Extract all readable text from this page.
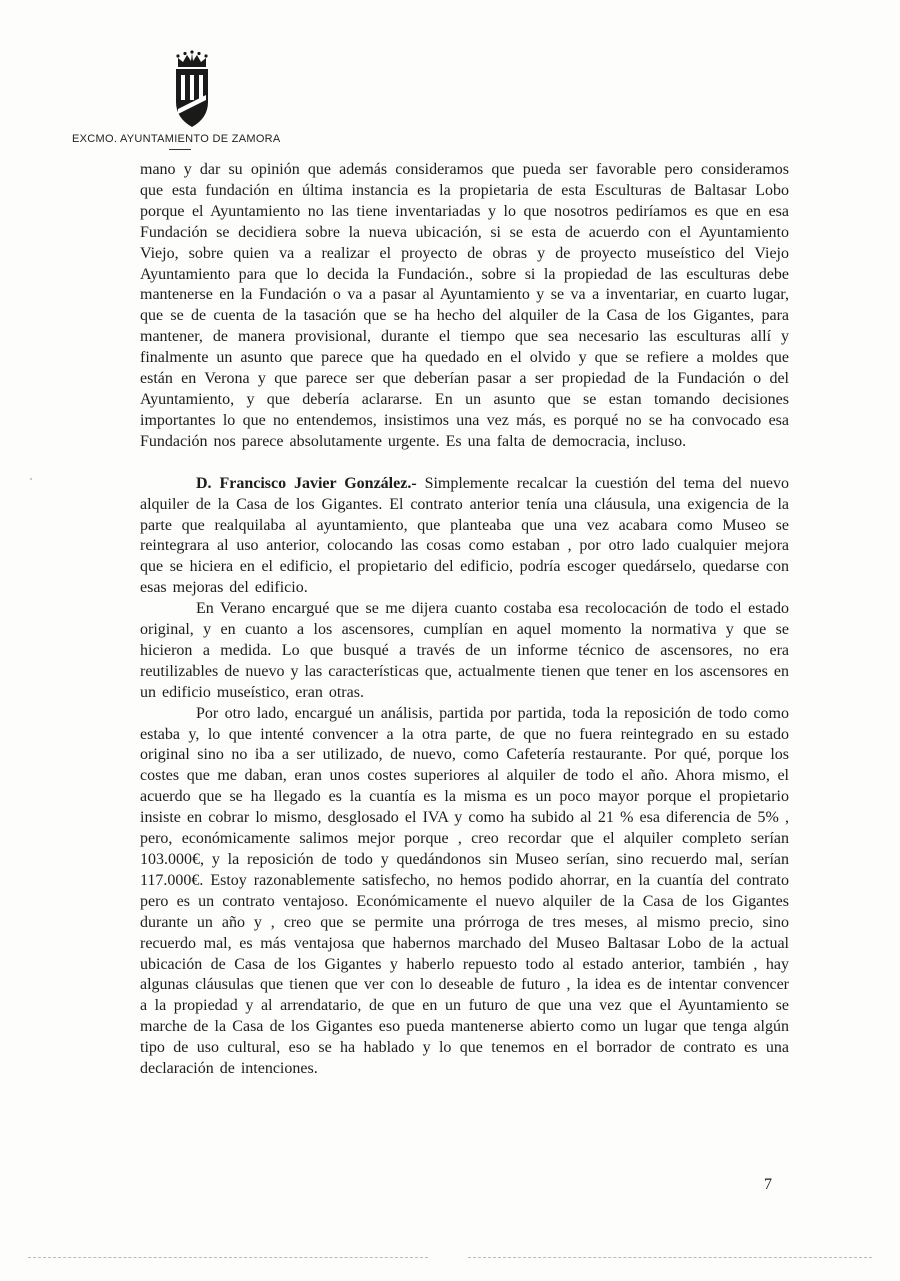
EXCMO. AYUNTAMIENTO DE ZAMORA

mano y dar su opinión que además consideramos que pueda ser favorable pero consideramos que esta fundación en última instancia es la propietaria de esta Esculturas de Baltasar Lobo porque el Ayuntamiento no las tiene inventariadas y lo que nosotros pediríamos es que en esa Fundación se decidiera sobre la nueva ubicación, si se esta de acuerdo con el Ayuntamiento Viejo, sobre quien va a realizar el proyecto de obras y de proyecto museístico del Viejo Ayuntamiento para que lo decida la Fundación., sobre si la propiedad de las esculturas debe mantenerse en la Fundación o va a pasar al Ayuntamiento y se va a inventariar, en cuarto lugar, que se de cuenta de la tasación que se ha hecho del alquiler de la Casa de los Gigantes, para mantener, de manera provisional, durante el tiempo que sea necesario las esculturas allí y finalmente un asunto que parece que ha quedado en el olvido y que se refiere a moldes que están en Verona y que parece ser que deberían pasar a ser propiedad de la Fundación o del Ayuntamiento, y que debería aclararse. En un asunto que se estan tomando decisiones importantes lo que no entendemos, insistimos una vez más, es porqué no se ha convocado esa Fundación nos parece absolutamente urgente. Es una falta de democracia, incluso.

D. Francisco Javier González.- Simplemente recalcar la cuestión del tema del nuevo alquiler de la Casa de los Gigantes. El contrato anterior tenía una cláusula, una exigencia de la parte que realquilaba al ayuntamiento, que planteaba que una vez acabara como Museo se reintegrara al uso anterior, colocando las cosas como estaban , por otro lado cualquier mejora que se hiciera en el edificio, el propietario del edificio, podría escoger quedárselo, quedarse con esas mejoras del edificio.

En Verano encargué que se me dijera cuanto costaba esa recolocación de todo el estado original, y en cuanto a los ascensores, cumplían en aquel momento la normativa y que se hicieron a medida. Lo que busqué a través de un informe técnico de ascensores, no era reutilizables de nuevo y las características que, actualmente tienen que tener en los ascensores en un edificio museístico, eran otras.

Por otro lado, encargué un análisis, partida por partida, toda la reposición de todo como estaba y, lo que intenté convencer a la otra parte, de que no fuera reintegrado en su estado original sino no iba a ser utilizado, de nuevo, como Cafetería restaurante. Por qué, porque los costes que me daban, eran unos costes superiores al alquiler de todo el año. Ahora mismo, el acuerdo que se ha llegado es la cuantía es la misma es un poco mayor porque el propietario insiste en cobrar lo mismo, desglosado el IVA y como ha subido al 21 % esa diferencia de 5% , pero, económicamente salimos mejor porque , creo recordar que el alquiler completo serían 103.000€, y la reposición de todo y quedándonos sin Museo serían, sino recuerdo mal, serían 117.000€. Estoy razonablemente satisfecho, no hemos podido ahorrar, en la cuantía del contrato pero es un contrato ventajoso. Económicamente el nuevo alquiler de la Casa de los Gigantes durante un año y , creo que se permite una prórroga de tres meses, al mismo precio, sino recuerdo mal, es más ventajosa que habernos marchado del Museo Baltasar Lobo de la actual ubicación de Casa de los Gigantes y haberlo repuesto todo al estado anterior, también , hay algunas cláusulas que tienen que ver con lo deseable de futuro , la idea es de intentar convencer a la propiedad y al arrendatario, de que en un futuro de que una vez que el Ayuntamiento se marche de la Casa de los Gigantes eso pueda mantenerse abierto como un lugar que tenga algún tipo de uso cultural, eso se ha hablado y lo que tenemos en el borrador de contrato es una declaración de intenciones.

7
